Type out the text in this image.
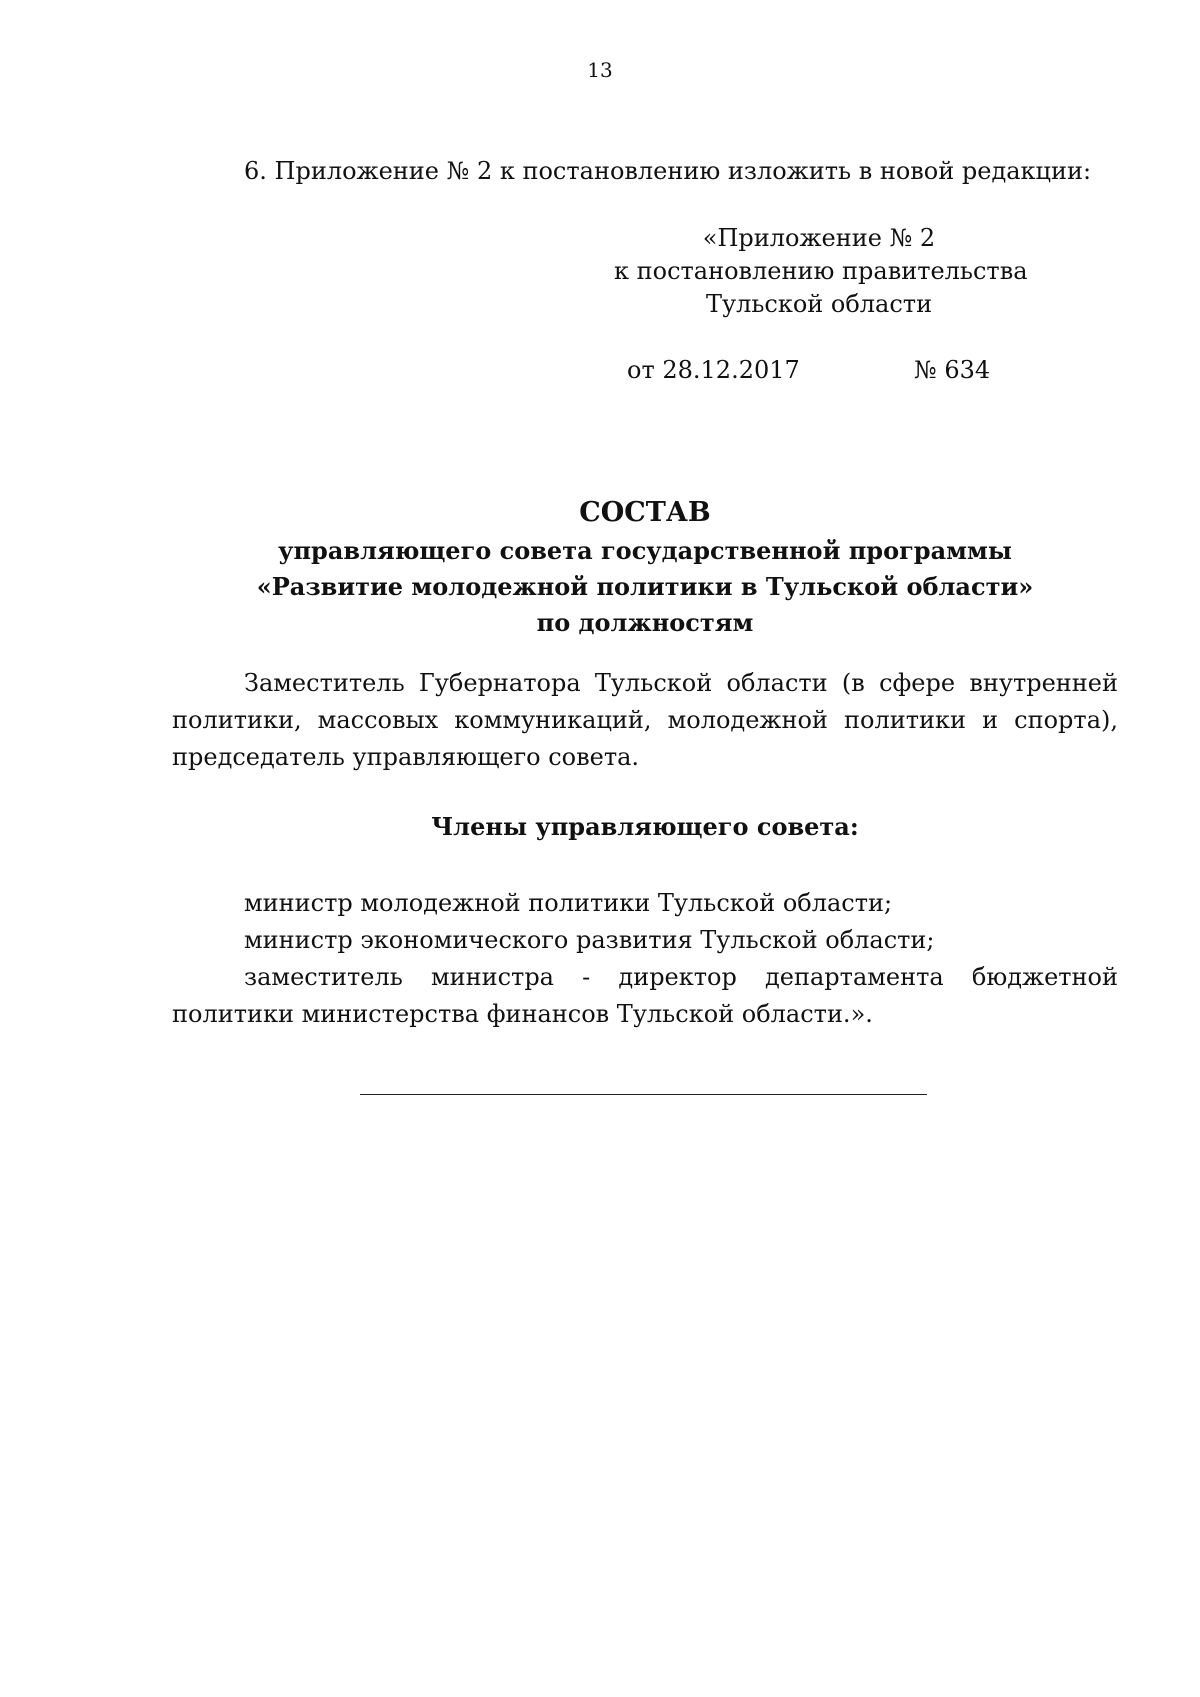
13
6. Приложение № 2 к постановлению изложить в новой редакции:
«Приложение № 2
к постановлению правительства
Тульской области
от 28.12.2017	№ 634
СОСТАВ
управляющего совета государственной программы
«Развитие молодежной политики в Тульской области»
по должностям
Заместитель Губернатора Тульской области (в сфере внутренней политики, массовых коммуникаций, молодежной политики и спорта), председатель управляющего совета.
Члены управляющего совета:
министр молодежной политики Тульской области;
министр экономического развития Тульской области;
заместитель министра - директор департамента бюджетной политики министерства финансов Тульской области.».
